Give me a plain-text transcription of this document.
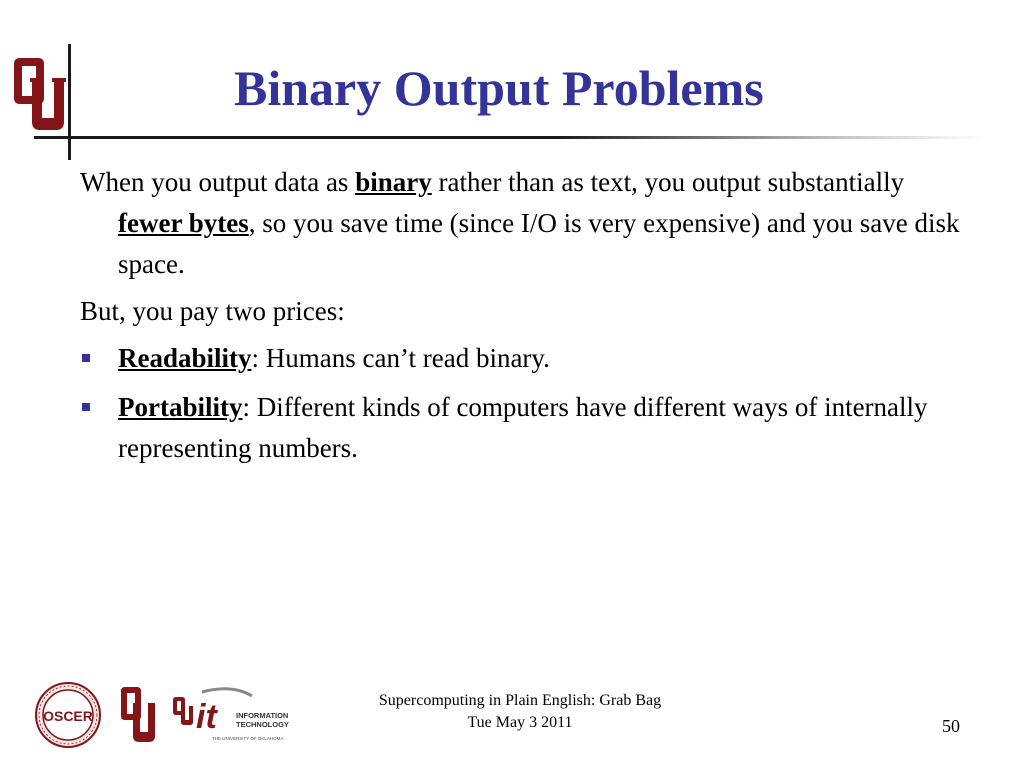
Binary Output Problems

When you output data as binary rather than as text, you output substantially fewer bytes, so you save time (since I/O is very expensive) and you save disk space.

But, you pay two prices:

Readability: Humans can’t read binary.
Portability: Different kinds of computers have different ways of internally representing numbers.
OSCER	it	INFORMATION
TECHNOLOGY
THE UNIVERSITY OF OKLAHOMA
Supercomputing in Plain English: Grab Bag
Tue May 3 2011	50
